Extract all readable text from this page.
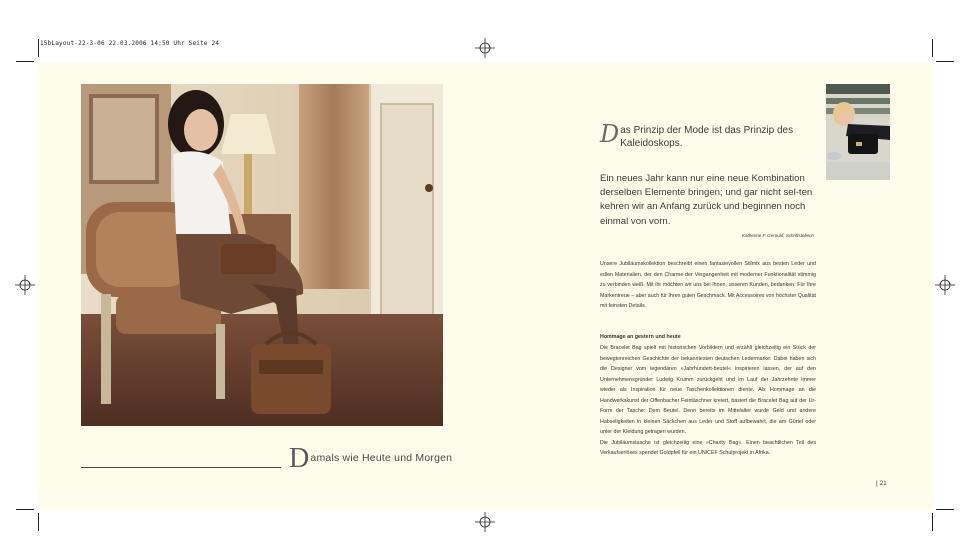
15bLayout-22-3-06 22.03.2006 14:50 Uhr Seite 24
Damals wie Heute und Morgen
Das Prinzip der Mode ist das Prinzip des Kaleidoskops.
Ein neues Jahr kann nur eine neue Kombination derselben Elemente bringen; und gar nicht sel-ten kehren wir an Anfang zurück und beginnen noch einmal von vorn.
Katherine F. Gerould, Schriftstellerin
Unsere Jubiläumskollektion beschreibt einen fantasievollen Stilmix aus besten Leder und edlen Materialien, der den Charme der Vergangenheit mit moderner Funktionalität stimmig zu verbinden weiß. Mit ihr möchten wir uns bei Ihnen, unseren Kunden, bedanken: Für Ihre Markentreue – aber auch für Ihren guten Geschmack. Mit Accessoires von höchster Qualität mit feinsten Details.
Hommage an gestern und heute
Die Bracelet Bag spielt mit historischen Vorbildern und erzählt gleichzeitig ein Stück der bewegtenreichen Geschichte der bekanntesten deutschen Ledermarke: Dabei haben sich die Designer vom legendären »Jahrhundert-beutel« inspirieren lassen, der auf den Unternehmensgründer Ludwig Krumm zurückgeht und im Lauf der Jahrzehnte immer wieder als Inspiration für neue Taschenkollektionen diente. Als Hommage an die Handwerkskunst der Offenbacher Feintäschner kreiert, basiert die Bracelet Bag auf der Ur-Form der Tasche: Dem Beutel. Denn bereits im Mittelalter wurde Geld und andere Habseligkeiten in kleinen Säckchen aus Leder und Stoff aufbewahrt, die am Gürtel oder unter der Kleidung getragen wurden.
Die Jubiläumstasche ist gleichzeitig eine »Charity Bag«. Einen beachtlichen Teil des Verkaufserlöses spendet Goldpfeil für ein UNICEF Schulprojekt in Afrika.
| 21
